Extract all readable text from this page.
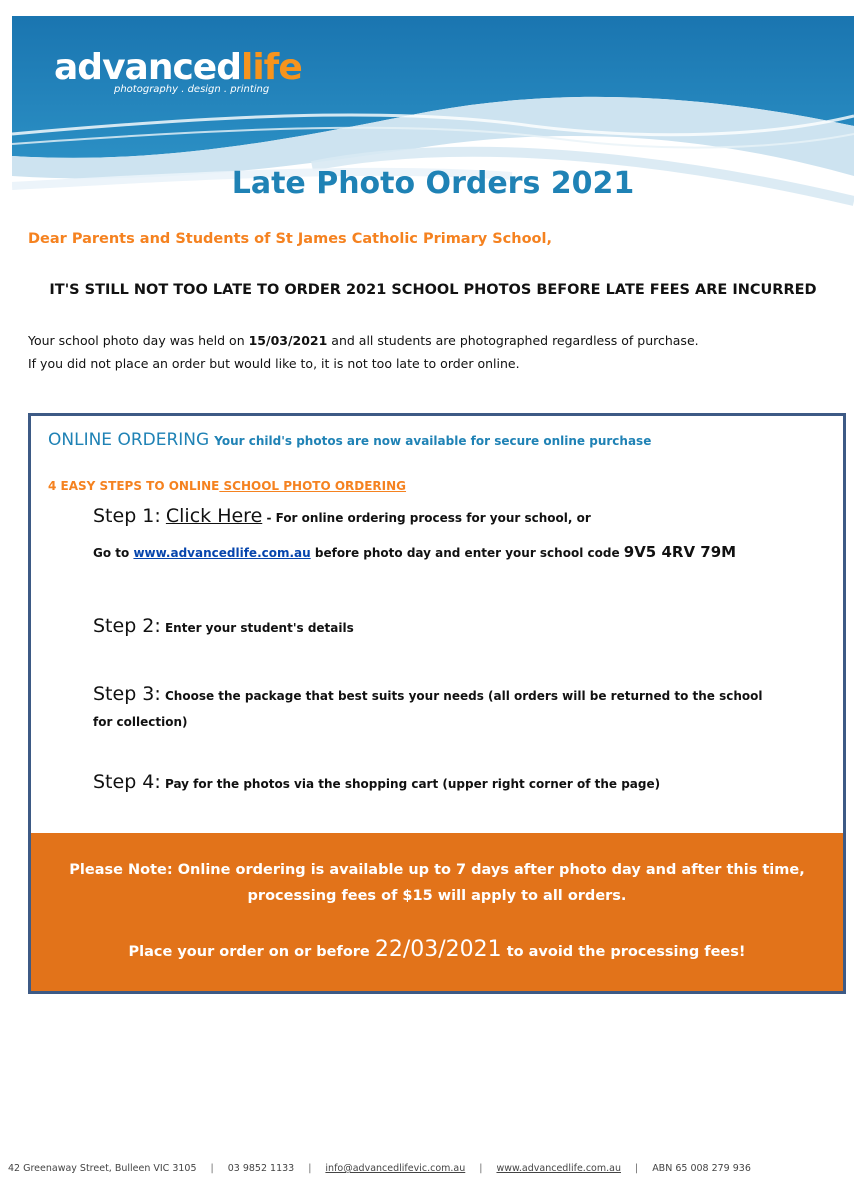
advancedlife
photography . design . printing
Late Photo Orders 2021
Dear Parents and Students of St James Catholic Primary School,
IT'S STILL NOT TOO LATE TO ORDER 2021 SCHOOL PHOTOS BEFORE LATE FEES ARE INCURRED
Your school photo day was held on 15/03/2021 and all students are photographed regardless of purchase.
If you did not place an order but would like to, it is not too late to order online.
ONLINE ORDERING Your child's photos are now available for secure online purchase
4 EASY STEPS TO ONLINE SCHOOL PHOTO ORDERING
Step 1: Click Here - For online ordering process for your school, or
Go to www.advancedlife.com.au before photo day and enter your school code 9V5 4RV 79M
Step 2: Enter your student's details
Step 3: Choose the package that best suits your needs (all orders will be returned to the school
for collection)
Step 4: Pay for the photos via the shopping cart (upper right corner of the page)
Please Note: Online ordering is available up to 7 days after photo day and after this time,
processing fees of $15 will apply to all orders.
Place your order on or before 22/03/2021 to avoid the processing fees!
42 Greenaway Street, Bulleen VIC 3105 | 03 9852 1133 | info@advancedlifevic.com.au | www.advancedlife.com.au | ABN 65 008 279 936
